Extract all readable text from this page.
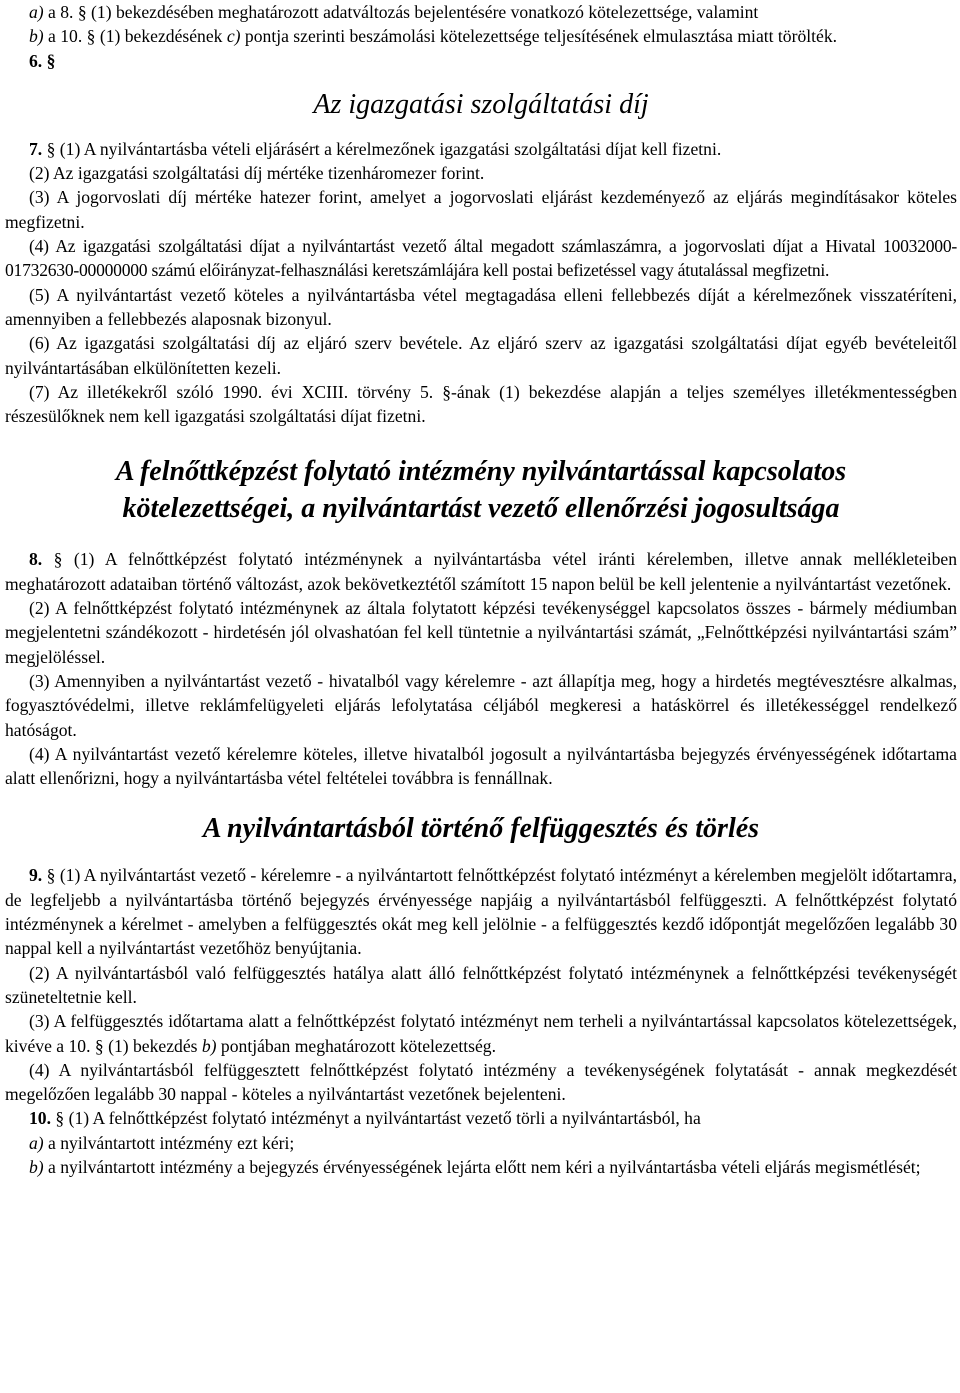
a) a 8. § (1) bekezdésében meghatározott adatváltozás bejelentésére vonatkozó kötelezettsége, valamint

b) a 10. § (1) bekezdésének c) pontja szerinti beszámolási kötelezettsége teljesítésének elmulasztása miatt törölték.

6. §

Az igazgatási szolgáltatási díj

7. § (1) A nyilvántartásba vételi eljárásért a kérelmezőnek igazgatási szolgáltatási díjat kell fizetni.

(2) Az igazgatási szolgáltatási díj mértéke tizenháromezer forint.

(3) A jogorvoslati díj mértéke hatezer forint, amelyet a jogorvoslati eljárást kezdeményező az eljárás megindításakor köteles megfizetni.

(4) Az igazgatási szolgáltatási díjat a nyilvántartást vezető által megadott számlaszámra, a jogorvoslati díjat a Hivatal 10032000-01732630-00000000 számú előirányzat-felhasználási keretszámlájára kell postai befizetéssel vagy átutalással megfizetni.

(5) A nyilvántartást vezető köteles a nyilvántartásba vétel megtagadása elleni fellebbezés díját a kérelmezőnek visszatéríteni, amennyiben a fellebbezés alaposnak bizonyul.

(6) Az igazgatási szolgáltatási díj az eljáró szerv bevétele. Az eljáró szerv az igazgatási szolgáltatási díjat egyéb bevételeitől nyilvántartásában elkülönítetten kezeli.

(7) Az illetékekről szóló 1990. évi XCIII. törvény 5. §-ának (1) bekezdése alapján a teljes személyes illetékmentességben részesülőknek nem kell igazgatási szolgáltatási díjat fizetni.

A felnőttképzést folytató intézmény nyilvántartással kapcsolatos
kötelezettségei, a nyilvántartást vezető ellenőrzési jogosultsága

8. § (1) A felnőttképzést folytató intézménynek a nyilvántartásba vétel iránti kérelemben, illetve annak mellékleteiben meghatározott adataiban történő változást, azok bekövetkeztétől számított 15 napon belül be kell jelentenie a nyilvántartást vezetőnek.

(2) A felnőttképzést folytató intézménynek az általa folytatott képzési tevékenységgel kapcsolatos összes - bármely médiumban megjelentetni szándékozott - hirdetésén jól olvashatóan fel kell tüntetnie a nyilvántartási számát, „Felnőttképzési nyilvántartási szám” megjelöléssel.

(3) Amennyiben a nyilvántartást vezető - hivatalból vagy kérelemre - azt állapítja meg, hogy a hirdetés megtévesztésre alkalmas, fogyasztóvédelmi, illetve reklámfelügyeleti eljárás lefolytatása céljából megkeresi a hatáskörrel és illetékességgel rendelkező hatóságot.

(4) A nyilvántartást vezető kérelemre köteles, illetve hivatalból jogosult a nyilvántartásba bejegyzés érvényességének időtartama alatt ellenőrizni, hogy a nyilvántartásba vétel feltételei továbbra is fennállnak.

A nyilvántartásból történő felfüggesztés és törlés

9. § (1) A nyilvántartást vezető - kérelemre - a nyilvántartott felnőttképzést folytató intézményt a kérelemben megjelölt időtartamra, de legfeljebb a nyilvántartásba történő bejegyzés érvényessége napjáig a nyilvántartásból felfüggeszti. A felnőttképzést folytató intézménynek a kérelmet - amelyben a felfüggesztés okát meg kell jelölnie - a felfüggesztés kezdő időpontját megelőzően legalább 30 nappal kell a nyilvántartást vezetőhöz benyújtania.

(2) A nyilvántartásból való felfüggesztés hatálya alatt álló felnőttképzést folytató intézménynek a felnőttképzési tevékenységét szüneteltetnie kell.

(3) A felfüggesztés időtartama alatt a felnőttképzést folytató intézményt nem terheli a nyilvántartással kapcsolatos kötelezettségek, kivéve a 10. § (1) bekezdés b) pontjában meghatározott kötelezettség.

(4) A nyilvántartásból felfüggesztett felnőttképzést folytató intézmény a tevékenységének folytatását - annak megkezdését megelőzően legalább 30 nappal - köteles a nyilvántartást vezetőnek bejelenteni.

10. § (1) A felnőttképzést folytató intézményt a nyilvántartást vezető törli a nyilvántartásból, ha

a) a nyilvántartott intézmény ezt kéri;

b) a nyilvántartott intézmény a bejegyzés érvényességének lejárta előtt nem kéri a nyilvántartásba vételi eljárás megismétlését;
